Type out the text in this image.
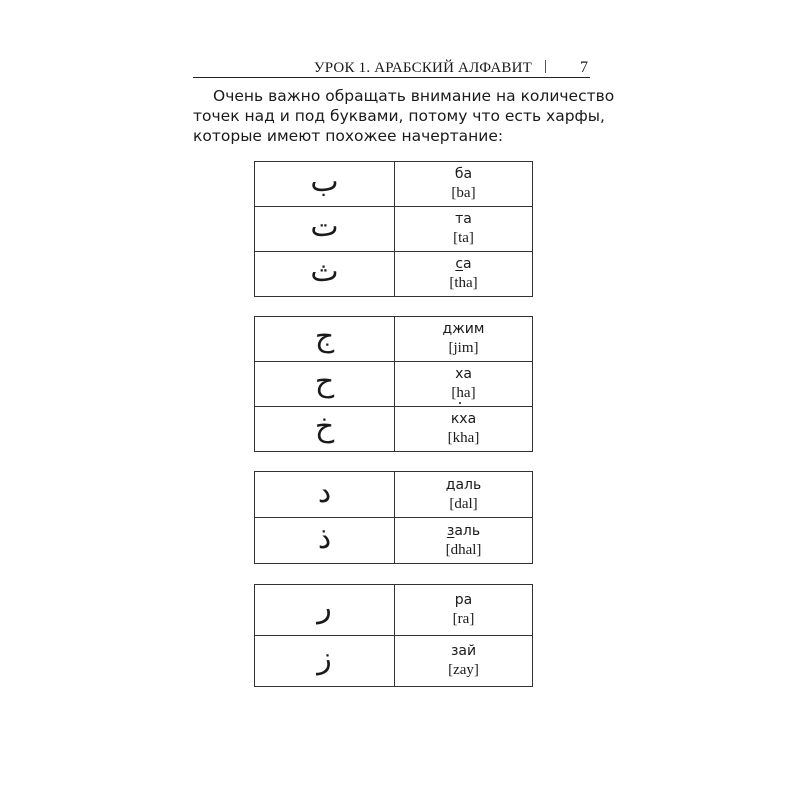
УРОК 1. АРАБСКИЙ АЛФАВИТ | 7
Очень важно обращать внимание на количество
точек над и под буквами, потому что есть харфы,
которые имеют похожее начертание:
ب	ба
[ba]

ت	та
[ta]

ث	са
[tha]
ج	джим
[jim]

ح	ха
[ha]

خ	кха
[kha]
د	даль
[dal]

ذ	заль
[dhal]
ر	ра
[ra]

ز	зай
[zay]
